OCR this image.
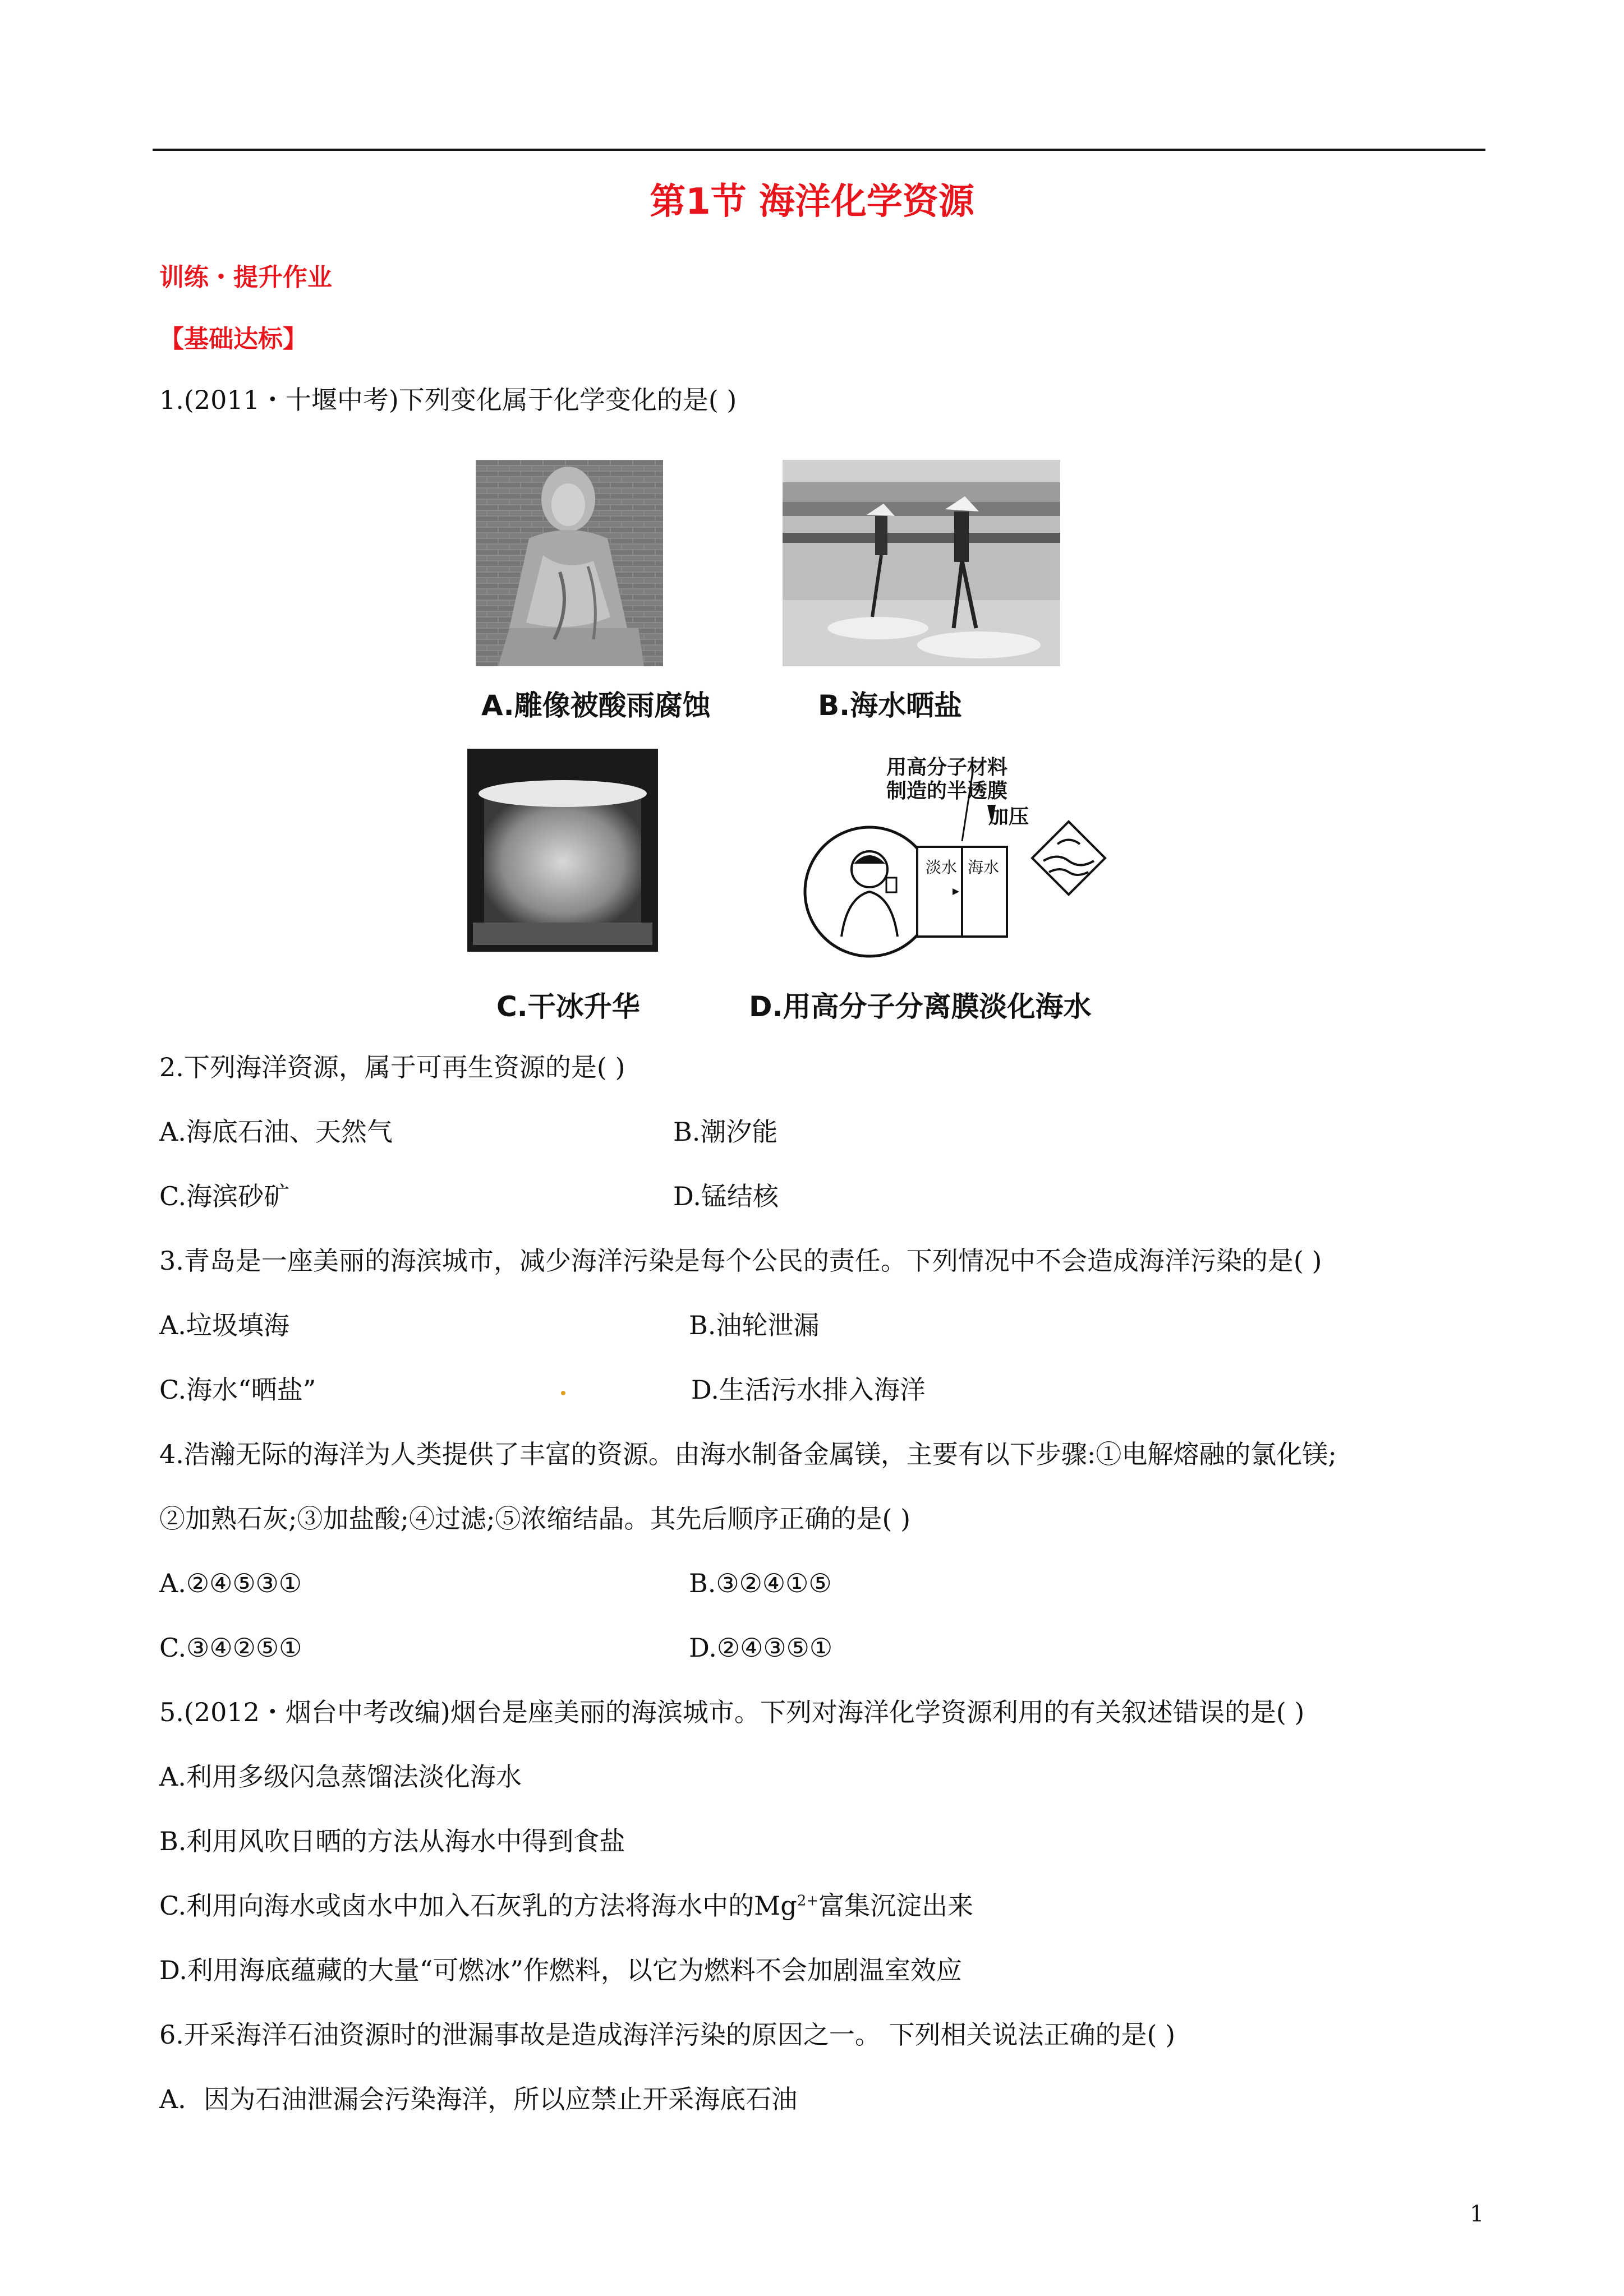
第1节 海洋化学资源
训练・提升作业
【基础达标】
1.(2011・十堰中考)下列变化属于化学变化的是( )
A.雕像被酸雨腐蚀	B.海水晒盐
用高分子材料
制造的半透膜
加压
淡水 海水
C.干冰升华	D.用高分子分离膜淡化海水
2.下列海洋资源，属于可再生资源的是( )
A.海底石油、天然气	B.潮汐能
C.海滨砂矿	D.锰结核
3.青岛是一座美丽的海滨城市，减少海洋污染是每个公民的责任。下列情况中不会造成海洋污染的是( )
A.垃圾填海	B.油轮泄漏
C.海水“晒盐”	D.生活污水排入海洋
4.浩瀚无际的海洋为人类提供了丰富的资源。由海水制备金属镁，主要有以下步骤:①电解熔融的氯化镁;
②加熟石灰;③加盐酸;④过滤;⑤浓缩结晶。其先后顺序正确的是( )
A.②④⑤③①	B.③②④①⑤
C.③④②⑤①	D.②④③⑤①
5.(2012・烟台中考改编)烟台是座美丽的海滨城市。下列对海洋化学资源利用的有关叙述错误的是( )
A.利用多级闪急蒸馏法淡化海水
B.利用风吹日晒的方法从海水中得到食盐
C.利用向海水或卤水中加入石灰乳的方法将海水中的$Mg^{2+}$富集沉淀出来
D.利用海底蕴藏的大量“可燃冰”作燃料，以它为燃料不会加剧温室效应
6.开采海洋石油资源时的泄漏事故是造成海洋污染的原因之一。 下列相关说法正确的是( )
A．因为石油泄漏会污染海洋，所以应禁止开采海底石油
1
